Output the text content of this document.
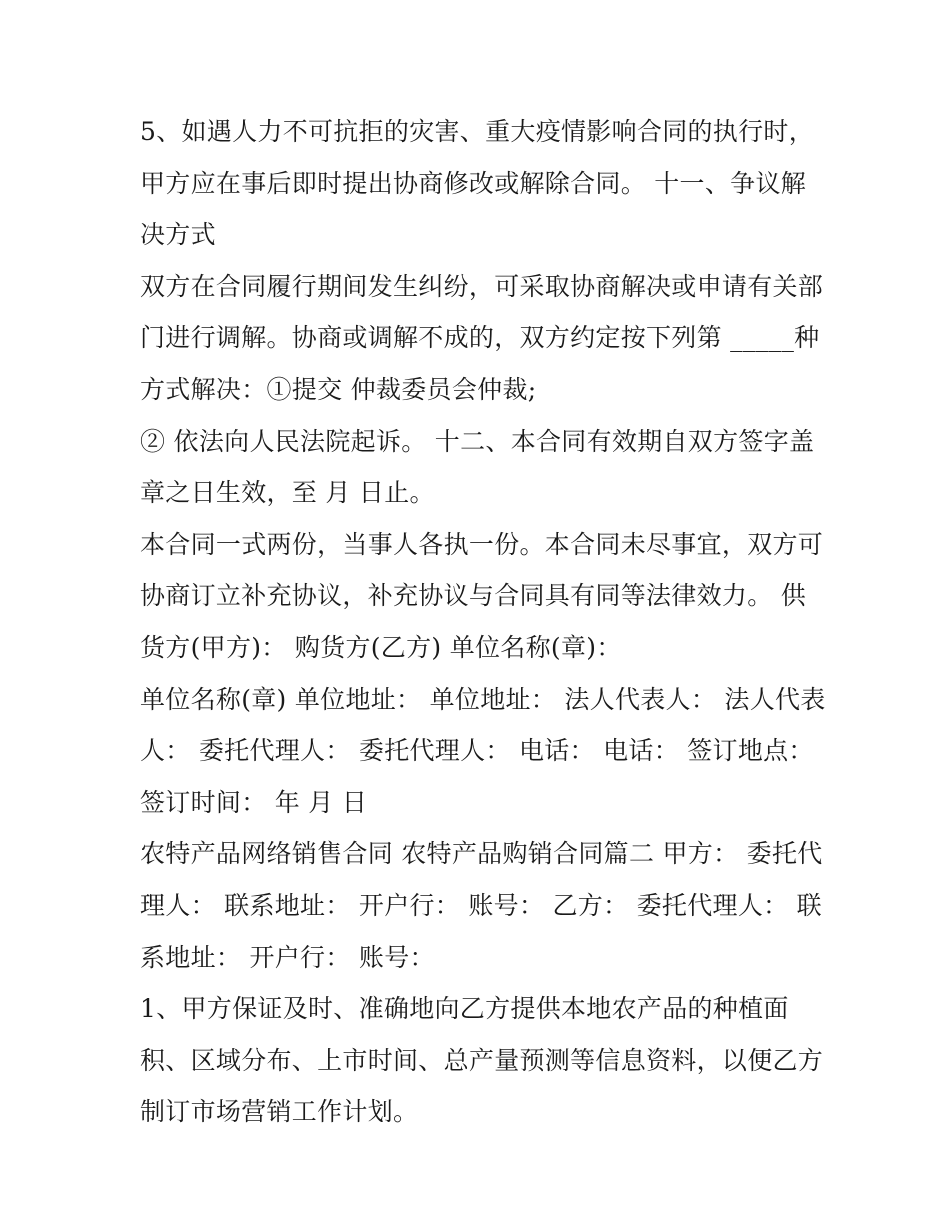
5、如遇人力不可抗拒的灾害、重大疫情影响合同的执行时，
甲方应在事后即时提出协商修改或解除合同。 十一、争议解
决方式
双方在合同履行期间发生纠纷，可采取协商解决或申请有关部
门进行调解。协商或调解不成的，双方约定按下列第 _____种
方式解决：①提交 仲裁委员会仲裁;
② 依法向人民法院起诉。 十二、本合同有效期自双方签字盖
章之日生效，至 月 日止。
本合同一式两份，当事人各执一份。本合同未尽事宜，双方可
协商订立补充协议，补充协议与合同具有同等法律效力。 供
货方(甲方)： 购货方(乙方) 单位名称(章)：
单位名称(章) 单位地址： 单位地址： 法人代表人： 法人代表
人： 委托代理人： 委托代理人： 电话： 电话： 签订地点：
签订时间： 年 月 日
农特产品网络销售合同 农特产品购销合同篇二 甲方： 委托代
理人： 联系地址： 开户行： 账号： 乙方： 委托代理人： 联
系地址： 开户行： 账号：
1、甲方保证及时、准确地向乙方提供本地农产品的种植面
积、区域分布、上市时间、总产量预测等信息资料，以便乙方
制订市场营销工作计划。
